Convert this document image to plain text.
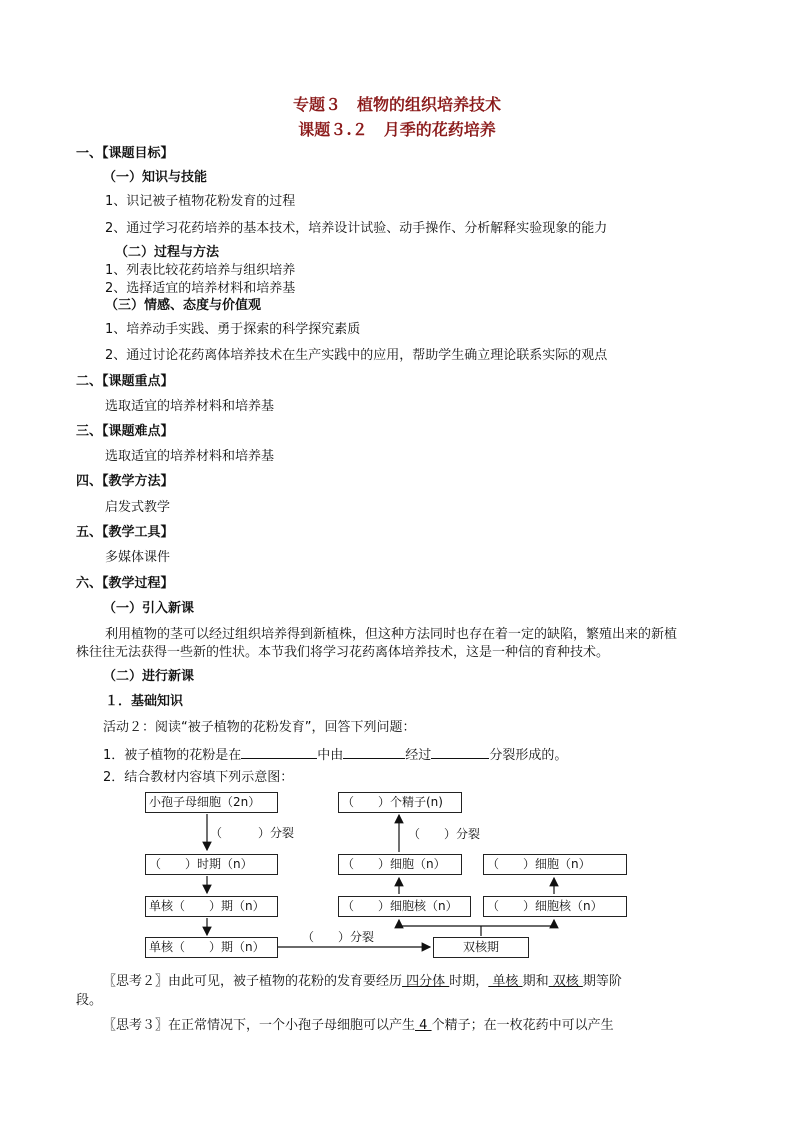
专题３　植物的组织培养技术
课题３.２　月季的花药培养
一、【课题目标】
（一）知识与技能
1、识记被子植物花粉发育的过程
2、通过学习花药培养的基本技术，培养设计试验、动手操作、分析解释实验现象的能力
（二）过程与方法
1、列表比较花药培养与组织培养
2、选择适宜的培养材料和培养基
（三）情感、态度与价值观
1、培养动手实践、勇于探索的科学探究素质
2、通过讨论花药离体培养技术在生产实践中的应用，帮助学生确立理论联系实际的观点
二、【课题重点】
选取适宜的培养材料和培养基
三、【课题难点】
选取适宜的培养材料和培养基
四、【教学方法】
启发式教学
五、【教学工具】
多媒体课件
六、【教学过程】
（一）引入新课
利用植物的茎可以经过组织培养得到新植株，但这种方法同时也存在着一定的缺陷，繁殖出来的新植
株往往无法获得一些新的性状。本节我们将学习花药离体培养技术，这是一种信的育种技术。
（二）进行新课
１．基础知识
活动２：阅读“被子植物的花粉发育”，回答下列问题：
1．被子植物的花粉是在	中由	经过	分裂形成的。
2．结合教材内容填下列示意图：
小孢子母细胞（2n）
（　　　）分裂
（　　）时期（n）
单核（　　）期（n）
单核（　　）期（n）
（　　）分裂
双核期
（　　）细胞核（n）	（　　）细胞核（n）
（　　）细胞（n）	（　　）细胞（n）
（　　）分裂
（　　）个精子(n)
〖思考２〗由此可见，被子植物的花粉的发育要经历 四分体 时期， 单核 期和 双核 期等阶
段。
〖思考３〗在正常情况下，一个小孢子母细胞可以产生 4 个精子；在一枚花药中可以产生
